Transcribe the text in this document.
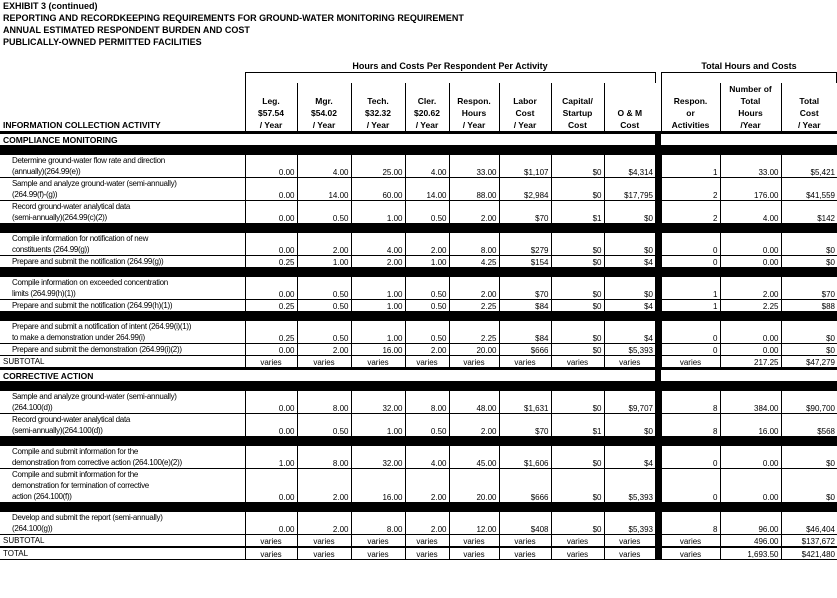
EXHIBIT 3 (continued)
REPORTING AND RECORDKEEPING REQUIREMENTS FOR GROUND-WATER MONITORING REQUIREMENT
ANNUAL ESTIMATED RESPONDENT BURDEN AND COST
PUBLICALLY-OWNED PERMITTED FACILITIES
Hours and Costs Per Respondent Per Activity	Total Hours and Costs
INFORMATION COLLECTION ACTIVITY	Leg.
$57.54
/ Year	Mgr.
$54.02
/ Year	Tech.
$32.32
/ Year	Cler.
$20.62
/ Year	Respon.
Hours
/ Year	Labor
Cost
/ Year	Capital/
Startup
Cost	O & M
Cost		Respon.
or
Activities	Number of
Total
Hours
/Year	Total
Cost
/ Year
COMPLIANCE MONITORING												

Determine ground-water flow rate and direction
(annually)(264.99(e))	0.00	4.00	25.00	4.00	33.00	$1,107	$0	$4,314		1	33.00	$5,421
Sample and analyze ground-water (semi-annually)
(264.99(f)-(g))	0.00	14.00	60.00	14.00	88.00	$2,984	$0	$17,795		2	176.00	$41,559
Record ground-water analytical data
(semi-annually)(264.99(c)(2))	0.00	0.50	1.00	0.50	2.00	$70	$1	$0		2	4.00	$142

Compile information for notification of new
constituents (264.99(g))	0.00	2.00	4.00	2.00	8.00	$279	$0	$0		0	0.00	$0
Prepare and submit the notification (264.99(g))	0.25	1.00	2.00	1.00	4.25	$154	$0	$4		0	0.00	$0

Compile information on exceeded concentration
limits (264.99(h)(1))	0.00	0.50	1.00	0.50	2.00	$70	$0	$0		1	2.00	$70
Prepare and submit the notification (264.99(h)(1))	0.25	0.50	1.00	0.50	2.25	$84	$0	$4		1	2.25	$88

Prepare and submit a notification of intent (264.99(i)(1))
to make a demonstration under 264.99(i)	0.25	0.50	1.00	0.50	2.25	$84	$0	$4		0	0.00	$0
Prepare and submit the demonstration (264.99(i)(2))	0.00	2.00	16.00	2.00	20.00	$666	$0	$5,393		0	0.00	$0
SUBTOTAL	varies	varies	varies	varies	varies	varies	varies	varies		varies	217.25	$47,279
CORRECTIVE ACTION												

Sample and analyze ground-water (semi-annually)
(264.100(d))	0.00	8.00	32.00	8.00	48.00	$1,631	$0	$9,707		8	384.00	$90,700
Record ground-water analytical data
(semi-annually)(264.100(d))	0.00	0.50	1.00	0.50	2.00	$70	$1	$0		8	16.00	$568

Compile and submit information for the
demonstration from corrective action (264.100(e)(2))	1.00	8.00	32.00	4.00	45.00	$1,606	$0	$4		0	0.00	$0
Compile and submit information for the
demonstration for termination of corrective
action (264.100(f))	0.00	2.00	16.00	2.00	20.00	$666	$0	$5,393		0	0.00	$0

Develop and submit the report (semi-annually)
(264.100(g))	0.00	2.00	8.00	2.00	12.00	$408	$0	$5,393		8	96.00	$46,404
SUBTOTAL	varies	varies	varies	varies	varies	varies	varies	varies		varies	496.00	$137,672
TOTAL	varies	varies	varies	varies	varies	varies	varies	varies		varies	1,693.50	$421,480
